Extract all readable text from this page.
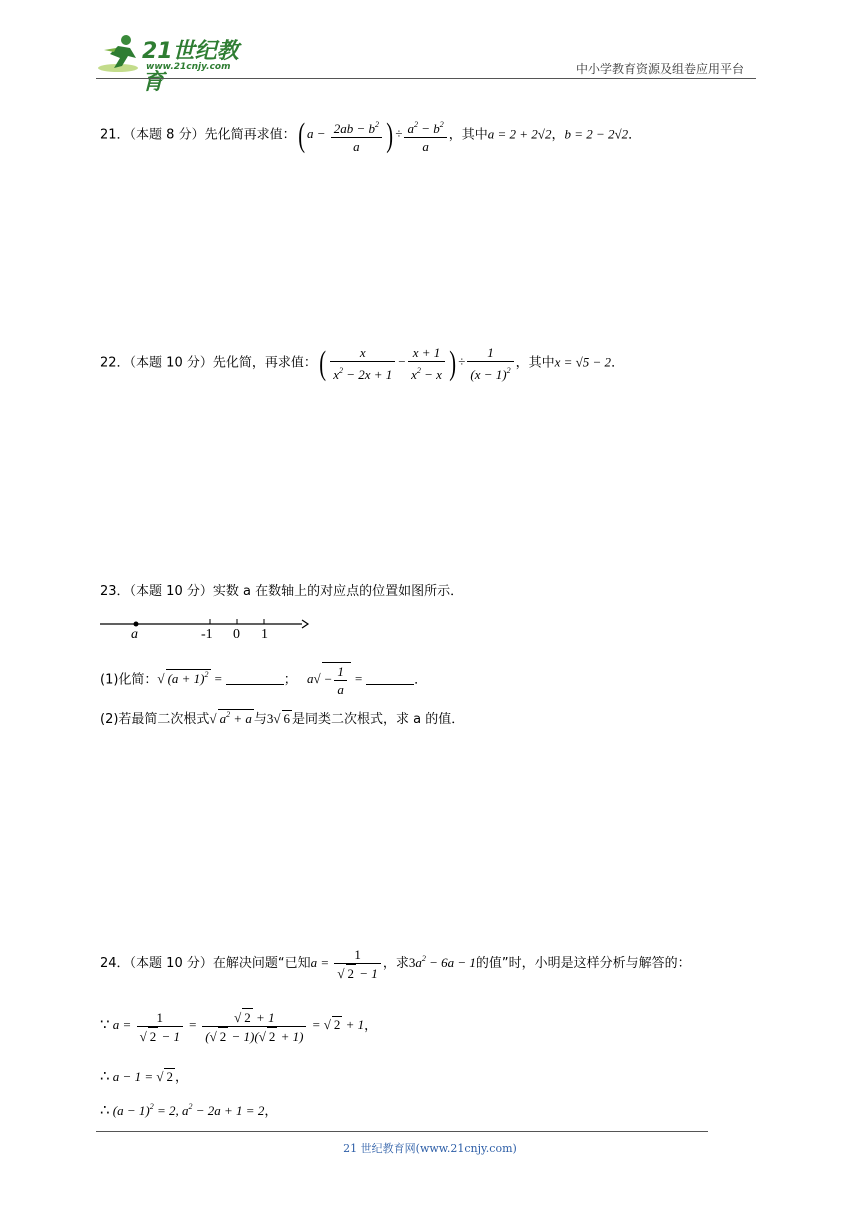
21世纪教育
www.21cnjy.com	中小学教育资源及组卷应用平台
21．（本题 8 分）先化简再求值：( $a - \frac{2ab - b^2}{a}$ ) ÷ $\frac{a^2 - b^2}{a}$ ，其中a = 2 + 2√2，b = 2 − 2√2．
22．（本题 10 分）先化简，再求值：( $\frac{x}{x^2 - 2x + 1} - \frac{x + 1}{x^2 - x}$ ) ÷ $\frac{1}{(x - 1)^2}$ ，其中x = √5 − 2．
23．（本题 10 分）实数 a 在数轴上的对应点的位置如图所示．
a	-1 0 1
(1)化简：√ $(a + 1)^2$ =	； $a√ - \frac{1}{a}$ =	．
(2)若最简二次根式√ $a^2 + a$ 与3√ 6 是同类二次根式，求 a 的值．
24．（本题 10 分）在解决问题“已知$a = \frac{1}{√ 2 - 1}$ ，求$3a^2 - 6a - 1$的值”时，小明是这样分析与解答的：
∵ $a = \frac{1}{√ 2 - 1} = \frac{√ 2 + 1}{(√ 2 - 1)(√ 2 + 1)}$ = √ 2 + 1，
∴ a − 1 = √ 2 ，
∴ $(a - 1)^2 = 2$, $a^2 - 2a + 1 = 2$，
21 世纪教育网(www.21cnjy.com)
